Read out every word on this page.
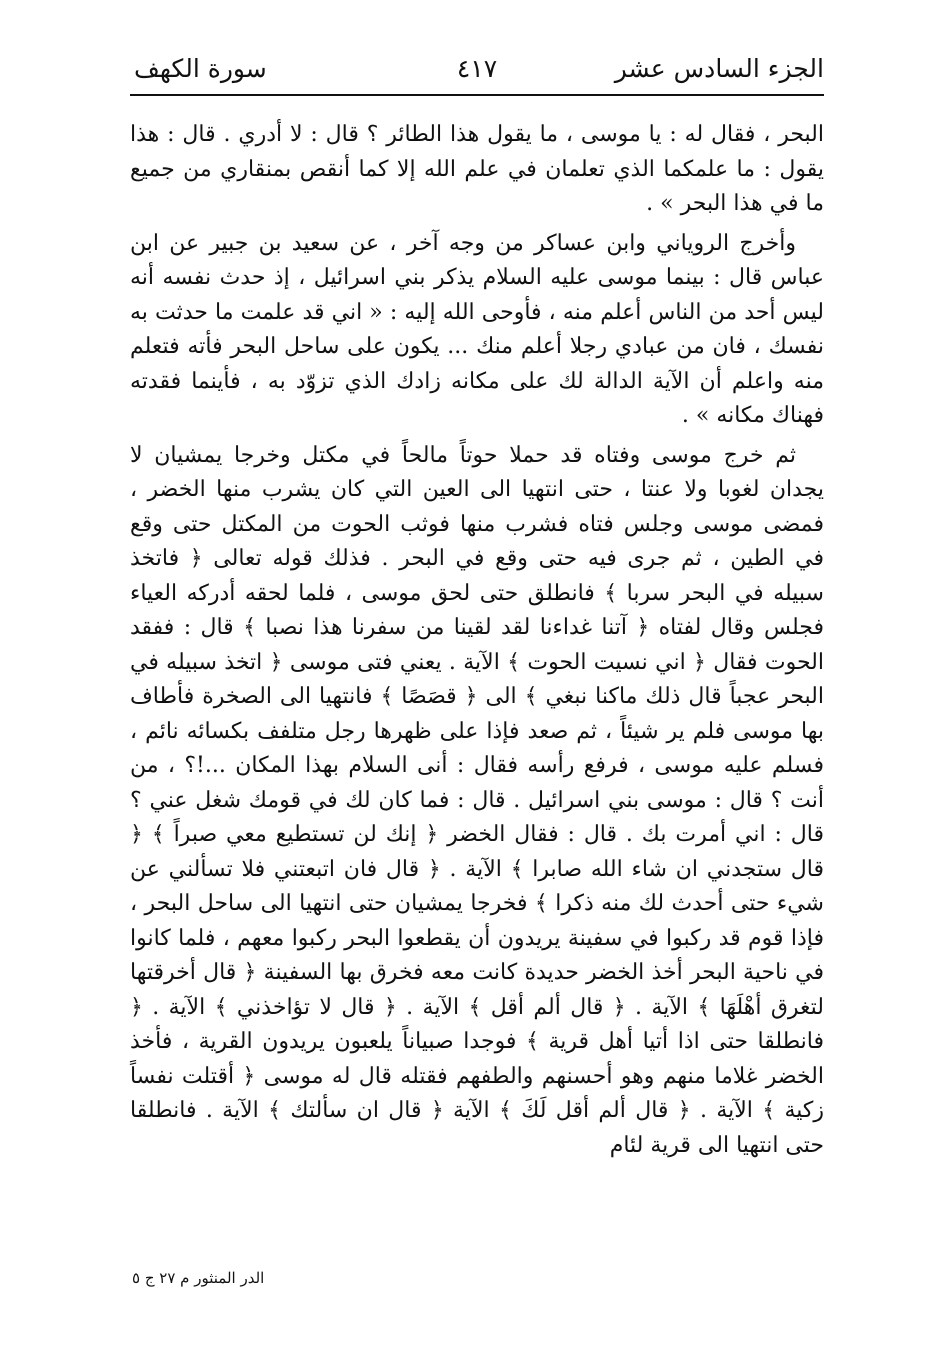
الجزء السادس عشر
٤١٧
سورة الكهف

البحر ، فقال له : يا موسى ، ما يقول هذا الطائر ؟ قال : لا أدري . قال : هذا يقول : ما علمكما الذي تعلمان في علم الله إلا كما أنقص بمنقاري من جميع ما في هذا البحر » .

وأخرج الروياني وابن عساكر من وجه آخر ، عن سعيد بن جبير عن ابن عباس قال : بينما موسى عليه السلام يذكر بني اسرائيل ، إذ حدث نفسه أنه ليس أحد من الناس أعلم منه ، فأوحى الله إليه : « اني قد علمت ما حدثت به نفسك ، فان من عبادي رجلا أعلم منك ... يكون على ساحل البحر فأته فتعلم منه واعلم أن الآية الدالة لك على مكانه زادك الذي تزوّد به ، فأينما فقدته فهناك مكانه » .

ثم خرج موسى وفتاه قد حملا حوتاً مالحاً في مكتل وخرجا يمشيان لا يجدان لغوبا ولا عنتا ، حتى انتهيا الى العين التي كان يشرب منها الخضر ، فمضى موسى وجلس فتاه فشرب منها فوثب الحوت من المكتل حتى وقع في الطين ، ثم جرى فيه حتى وقع في البحر . فذلك قوله تعالى ﴿ فاتخذ سبيله في البحر سربا ﴾ فانطلق حتى لحق موسى ، فلما لحقه أدركه العياء فجلس وقال لفتاه ﴿ آتنا غداءنا لقد لقينا من سفرنا هذا نصبا ﴾ قال : ففقد الحوت فقال ﴿ اني نسيت الحوت ﴾ الآية . يعني فتى موسى ﴿ اتخذ سبيله في البحر عجباً قال ذلك ماكنا نبغي ﴾ الى ﴿ قصَصًا ﴾ فانتهيا الى الصخرة فأطاف بها موسى فلم ير شيئاً ، ثم صعد فإذا على ظهرها رجل متلفف بكسائه نائم ، فسلم عليه موسى ، فرفع رأسه فقال : أنى السلام بهذا المكان ...!؟ ، من أنت ؟ قال : موسى بني اسرائيل . قال : فما كان لك في قومك شغل عني ؟ قال : اني أمرت بك . قال : فقال الخضر ﴿ إنك لن تستطيع معي صبراً ﴾ ﴿ قال ستجدني ان شاء الله صابرا ﴾ الآية . ﴿ قال فان اتبعتني فلا تسألني عن شيء حتى أحدث لك منه ذكرا ﴾ فخرجا يمشيان حتى انتهيا الى ساحل البحر ، فإذا قوم قد ركبوا في سفينة يريدون أن يقطعوا البحر ركبوا معهم ، فلما كانوا في ناحية البحر أخذ الخضر حديدة كانت معه فخرق بها السفينة ﴿ قال أخرقتها لتغرق أهْلَهَا ﴾ الآية . ﴿ قال ألم أقل ﴾ الآية . ﴿ قال لا تؤاخذني ﴾ الآية . ﴿ فانطلقا حتى اذا أتيا أهل قرية ﴾ فوجدا صبياناً يلعبون يريدون القرية ، فأخذ الخضر غلاما منهم وهو أحسنهم والطفهم فقتله قال له موسى ﴿ أقتلت نفساً زكية ﴾ الآية . ﴿ قال ألم أقل لَكَ ﴾ الآية ﴿ قال ان سألتك ﴾ الآية . فانطلقا حتى انتهيا الى قرية لئام

الدر المنثور م ٢٧ ج ٥
